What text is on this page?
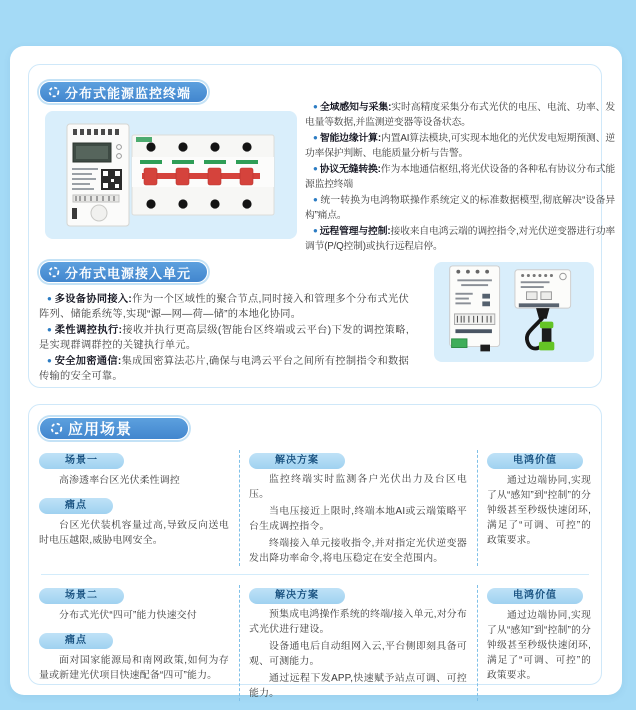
分布式能源监控终端

● 全域感知与采集:实时高精度采集分布式光伏的电压、电流、功率、发电量等数据,并监测逆变器等设备状态。

● 智能边缘计算:内置AI算法模块,可实现本地化的光伏发电短期预测、逆功率保护判断、电能质量分析与告警。

● 协议无缝转换:作为本地通信枢纽,将光伏设备的各种私有协议分布式能源监控终端

● 统一转换为电鸿物联操作系统定义的标准数据模型,彻底解决“设备异构”痛点。

● 远程管理与控制:接收来自电鸿云端的调控指令,对光伏逆变器进行功率调节(P/Q控制)或执行远程启停。

分布式电源接入单元

● 多设备协同接入:作为一个区域性的聚合节点,同时接入和管理多个分布式光伏阵列、储能系统等,实现“源—网—荷—储”的本地化协同。

● 柔性调控执行:接收并执行更高层级(智能台区终端或云平台)下发的调控策略,是实现群调群控的关键执行单元。

● 安全加密通信:集成国密算法芯片,确保与电鸿云平台之间所有控制指令和数据传输的安全可靠。

应用场景
场景一

高渗透率台区光伏柔性调控

痛点

台区光伏装机容量过高,导致反向送电时电压越限,威胁电网安全。

解决方案

监控终端实时监测各户光伏出力及台区电压。

当电压接近上限时,终端本地AI或云端策略平台生成调控指令。

终端接入单元接收指令,并对指定光伏逆变器发出降功率命令,将电压稳定在安全范围内。

电鸿价值

通过边端协同,实现了从“感知”到“控制”的分钟级甚至秒级快速闭环,满足了“可调、可控”的政策要求。

场景二

分布式光伏“四可”能力快速交付

痛点

面对国家能源局和南网政策,如何为存量或新建光伏项目快速配备“四可”能力。

解决方案

预集成电鸿操作系统的终端/接入单元,对分布式光伏进行建设。

设备通电后自动组网入云,平台侧即刻具备可观、可测能力。

通过远程下发APP,快速赋予站点可调、可控能力。

电鸿价值

通过边端协同,实现了从“感知”到“控制”的分钟级甚至秒级快速闭环,满足了“可调、可控”的政策要求。
